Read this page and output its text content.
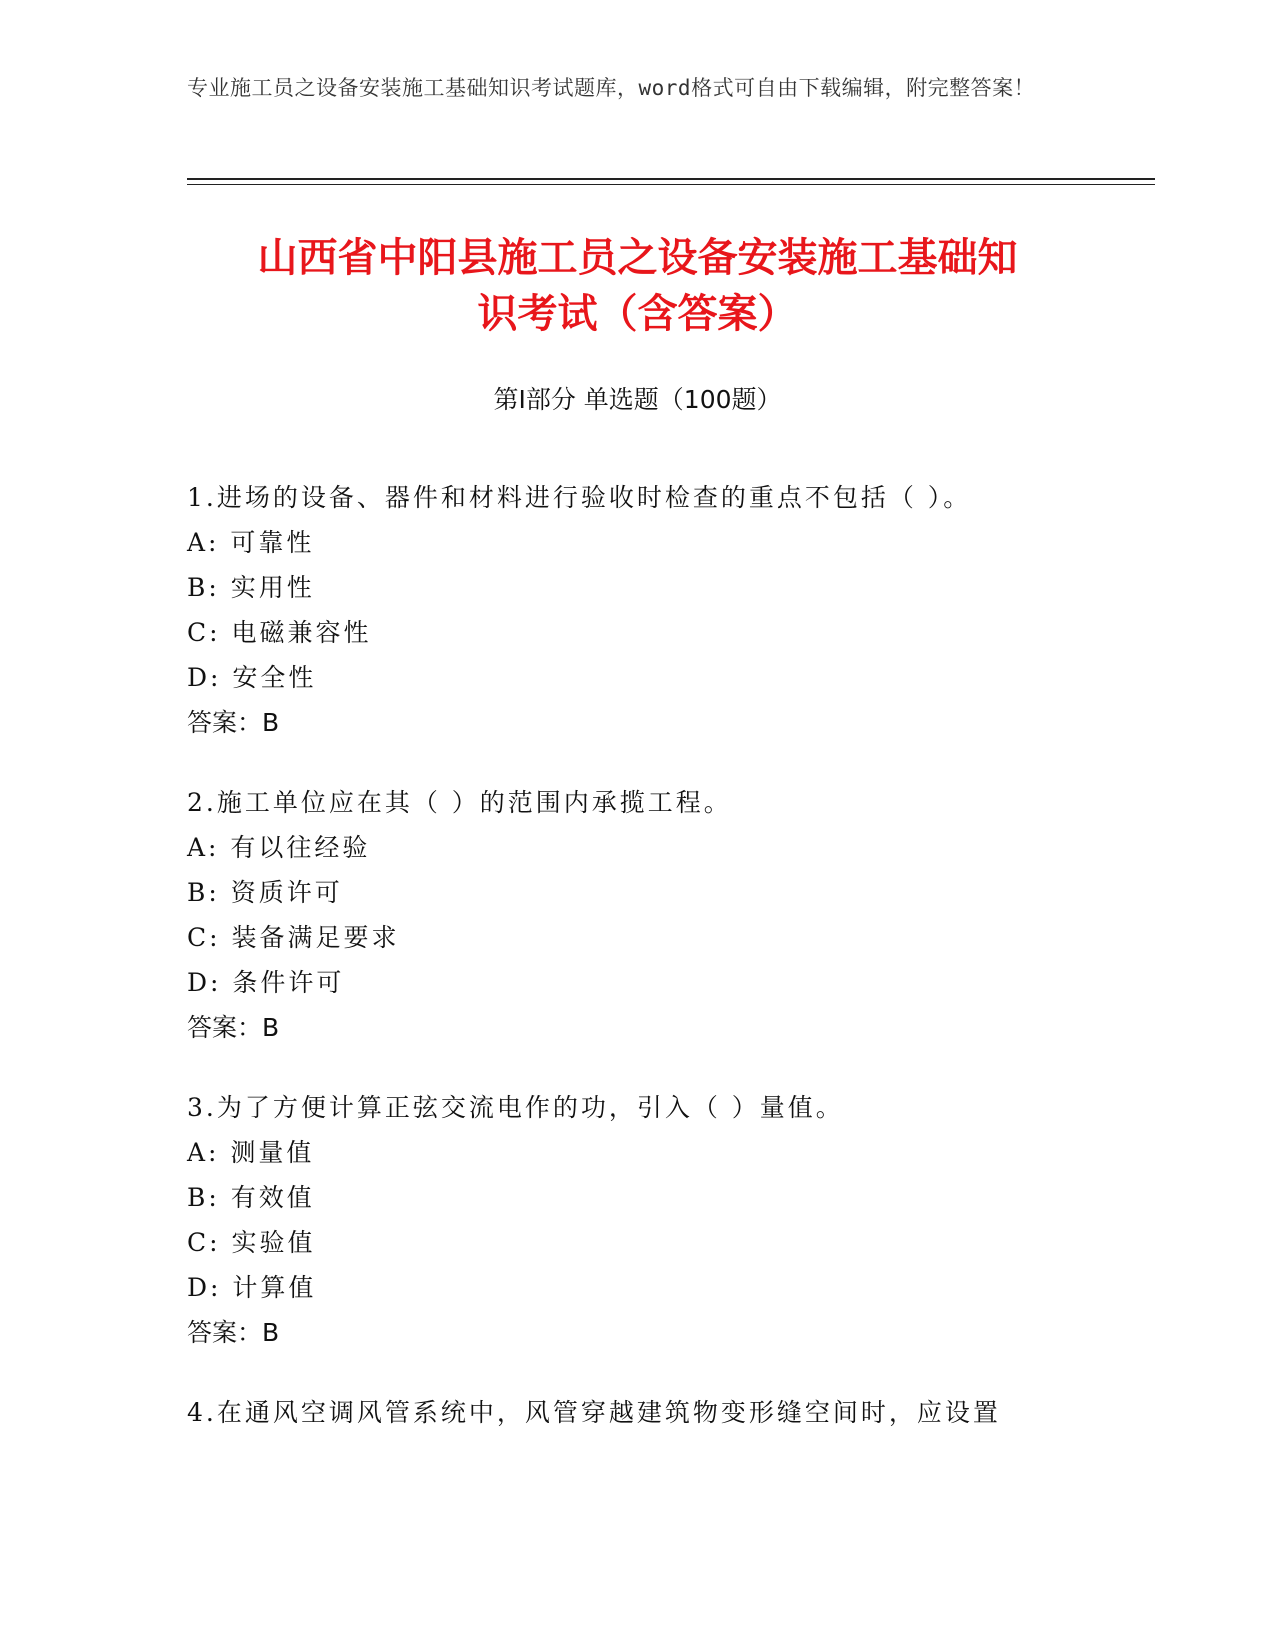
专业施工员之设备安装施工基础知识考试题库，word格式可自由下载编辑，附完整答案！
山西省中阳县施工员之设备安装施工基础知
识考试（含答案）
第Ⅰ部分 单选题（100题）
1.进场的设备、器件和材料进行验收时检查的重点不包括（ ）。
A: 可靠性
B: 实用性
C: 电磁兼容性
D: 安全性
答案：B
2.施工单位应在其（ ）的范围内承揽工程。
A: 有以往经验
B: 资质许可
C: 装备满足要求
D: 条件许可
答案：B
3.为了方便计算正弦交流电作的功，引入（ ）量值。
A: 测量值
B: 有效值
C: 实验值
D: 计算值
答案：B
4.在通风空调风管系统中，风管穿越建筑物变形缝空间时，应设置
